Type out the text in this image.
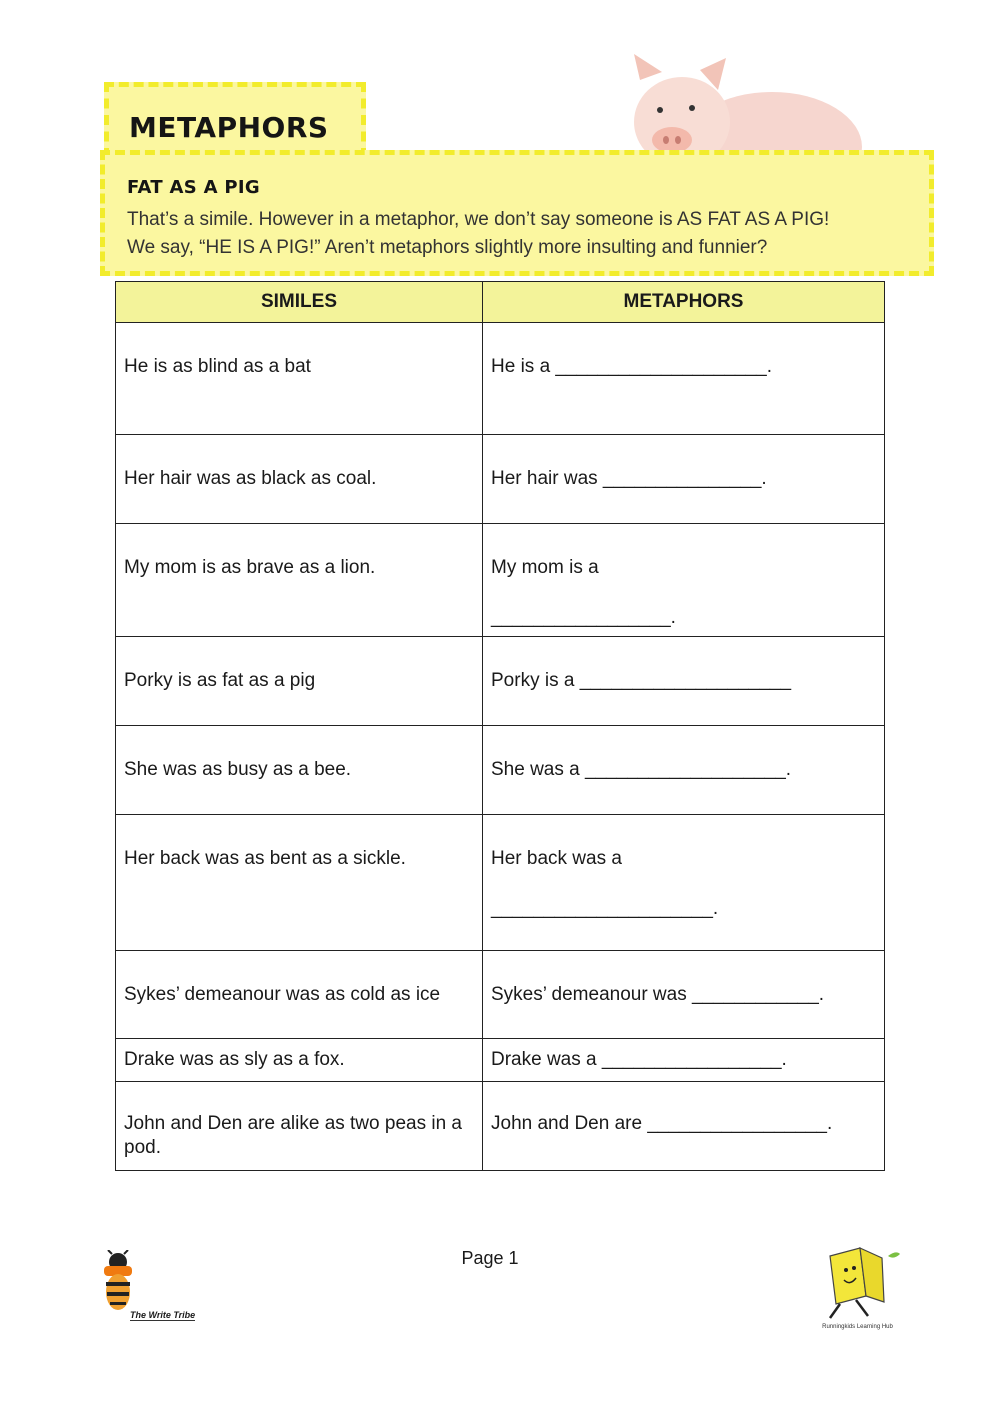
METAPHORS
FAT AS A PIG
That’s a simile. However in a metaphor, we don’t say someone is AS FAT AS A PIG!
We say, “HE IS A PIG!” Aren’t metaphors slightly more insulting and funnier?
SIMILES	METAPHORS

He is as blind as a bat	He is a ____________________.

Her hair was as black as coal.	Her hair was _______________.

My mom is as brave as a lion.	My mom is a
_________________.

Porky is as fat as a pig	Porky is a ____________________

She was as busy as a bee.	She was a ___________________.

Her back was as bent as a sickle.	Her back was a
_____________________.

Sykes’ demeanour was as cold as ice	Sykes’ demeanour was ____________.

Drake was as sly as a fox.	Drake was a _________________.

John and Den are alike as two peas in a pod.	John and Den are _________________.
The Write Tribe
Page 1
Runningkids Learning Hub
